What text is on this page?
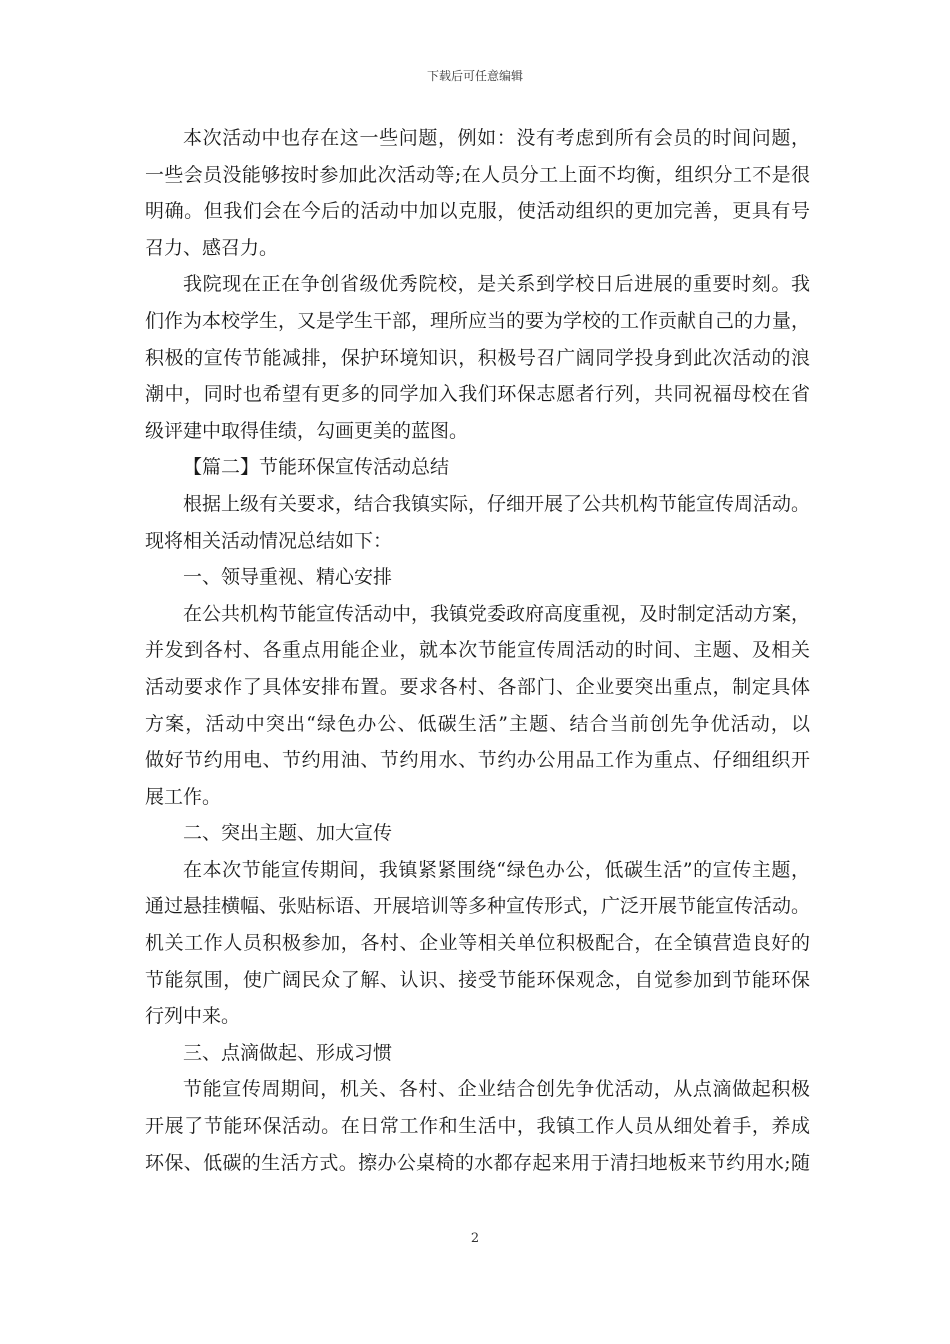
下载后可任意编辑
本次活动中也存在这一些问题，例如：没有考虑到所有会员的时间问题，
一些会员没能够按时参加此次活动等;在人员分工上面不均衡，组织分工不是很
明确。但我们会在今后的活动中加以克服，使活动组织的更加完善，更具有号
召力、感召力。
我院现在正在争创省级优秀院校，是关系到学校日后进展的重要时刻。我
们作为本校学生，又是学生干部，理所应当的要为学校的工作贡献自己的力量，
积极的宣传节能减排，保护环境知识，积极号召广阔同学投身到此次活动的浪
潮中，同时也希望有更多的同学加入我们环保志愿者行列，共同祝福母校在省
级评建中取得佳绩，勾画更美的蓝图。
【篇二】节能环保宣传活动总结
根据上级有关要求，结合我镇实际，仔细开展了公共机构节能宣传周活动。
现将相关活动情况总结如下：
一、领导重视、精心安排
在公共机构节能宣传活动中，我镇党委政府高度重视，及时制定活动方案，
并发到各村、各重点用能企业，就本次节能宣传周活动的时间、主题、及相关
活动要求作了具体安排布置。要求各村、各部门、企业要突出重点，制定具体
方案，活动中突出“绿色办公、低碳生活”主题、结合当前创先争优活动，以
做好节约用电、节约用油、节约用水、节约办公用品工作为重点、仔细组织开
展工作。
二、突出主题、加大宣传
在本次节能宣传期间，我镇紧紧围绕“绿色办公，低碳生活”的宣传主题，
通过悬挂横幅、张贴标语、开展培训等多种宣传形式，广泛开展节能宣传活动。
机关工作人员积极参加，各村、企业等相关单位积极配合，在全镇营造良好的
节能氛围，使广阔民众了解、认识、接受节能环保观念，自觉参加到节能环保
行列中来。
三、点滴做起、形成习惯
节能宣传周期间，机关、各村、企业结合创先争优活动，从点滴做起积极
开展了节能环保活动。在日常工作和生活中，我镇工作人员从细处着手，养成
环保、低碳的生活方式。擦办公桌椅的水都存起来用于清扫地板来节约用水;随
2
